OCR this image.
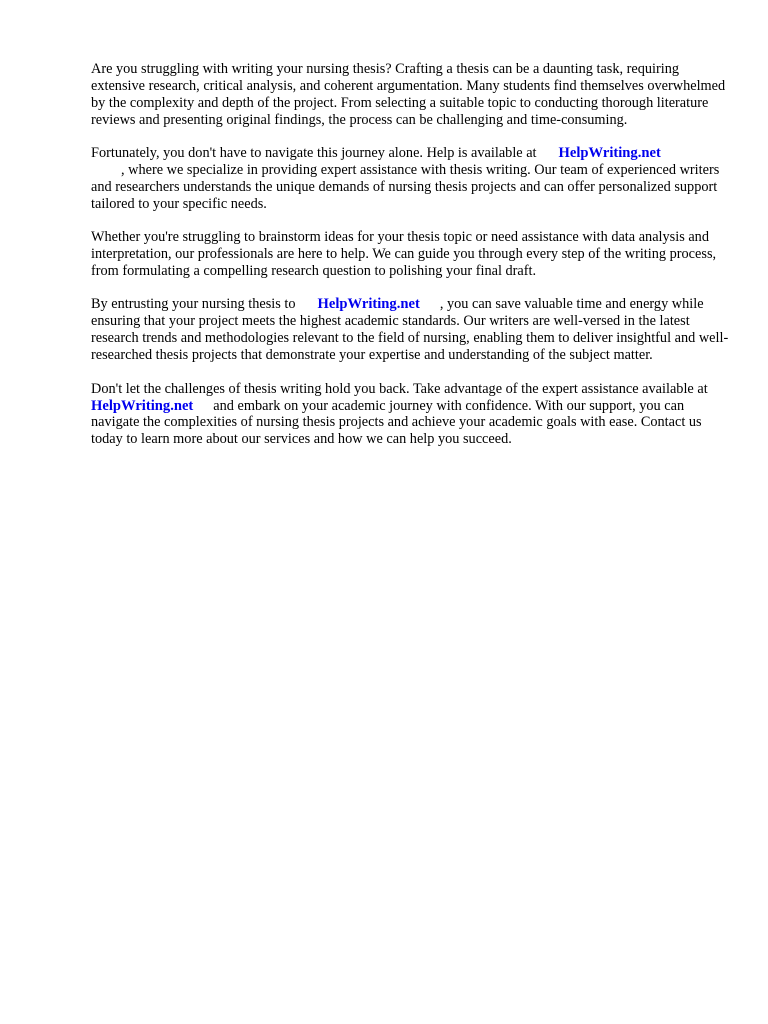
Are you struggling with writing your nursing thesis? Crafting a thesis can be a daunting task, requiring extensive research, critical analysis, and coherent argumentation. Many students find themselves overwhelmed by the complexity and depth of the project. From selecting a suitable topic to conducting thorough literature reviews and presenting original findings, the process can be challenging and time-consuming.

Fortunately, you don't have to navigate this journey alone. Help is available at HelpWriting.net
, where we specialize in providing expert assistance with thesis writing. Our team of experienced writers and researchers understands the unique demands of nursing thesis projects and can offer personalized support tailored to your specific needs.

Whether you're struggling to brainstorm ideas for your thesis topic or need assistance with data analysis and interpretation, our professionals are here to help. We can guide you through every step of the writing process, from formulating a compelling research question to polishing your final draft.

By entrusting your nursing thesis to HelpWriting.net , you can save valuable time and energy while ensuring that your project meets the highest academic standards. Our writers are well-versed in the latest research trends and methodologies relevant to the field of nursing, enabling them to deliver insightful and well-researched thesis projects that demonstrate your expertise and understanding of the subject matter.

Don't let the challenges of thesis writing hold you back. Take advantage of the expert assistance available atHelpWriting.net and embark on your academic journey with confidence. With our support, you can navigate the complexities of nursing thesis projects and achieve your academic goals with ease. Contact us today to learn more about our services and how we can help you succeed.
